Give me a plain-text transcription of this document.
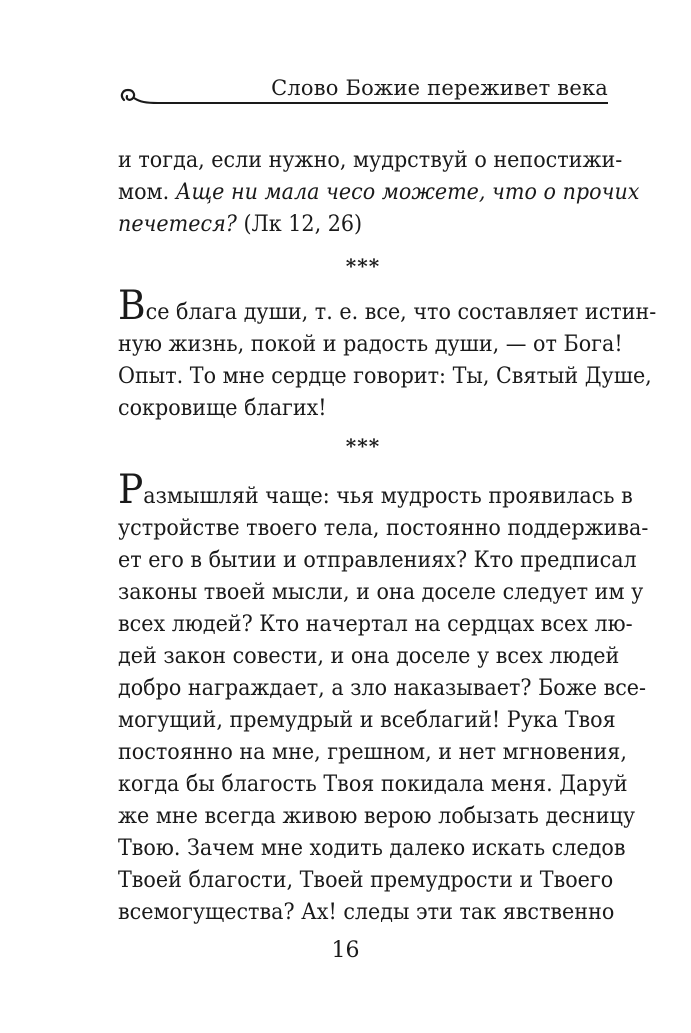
Слово Божие переживет века
и тогда, если нужно, мудрствуй о непостижи-
мом. Аще ни мала чесо можете, что о прочих
печетеся? (Лк 12, 26)
***
Все блага души, т. е. все, что составляет истин-
ную жизнь, покой и радость души, — от Бога!
Опыт. То мне сердце говорит: Ты, Святый Душе,
сокровище благих!
***
Размышляй чаще: чья мудрость проявилась в
устройстве твоего тела, постоянно поддержива-
ет его в бытии и отправлениях? Кто предписал
законы твоей мысли, и она доселе следует им у
всех людей? Кто начертал на сердцах всех лю-
дей закон совести, и она доселе у всех людей
добро награждает, а зло наказывает? Боже все-
могущий, премудрый и всеблагий! Рука Твоя
постоянно на мне, грешном, и нет мгновения,
когда бы благость Твоя покидала меня. Даруй
же мне всегда живою верою лобызать десницу
Твою. Зачем мне ходить далеко искать следов
Твоей благости, Твоей премудрости и Твоего
всемогущества? Ах! следы эти так явственно
16
